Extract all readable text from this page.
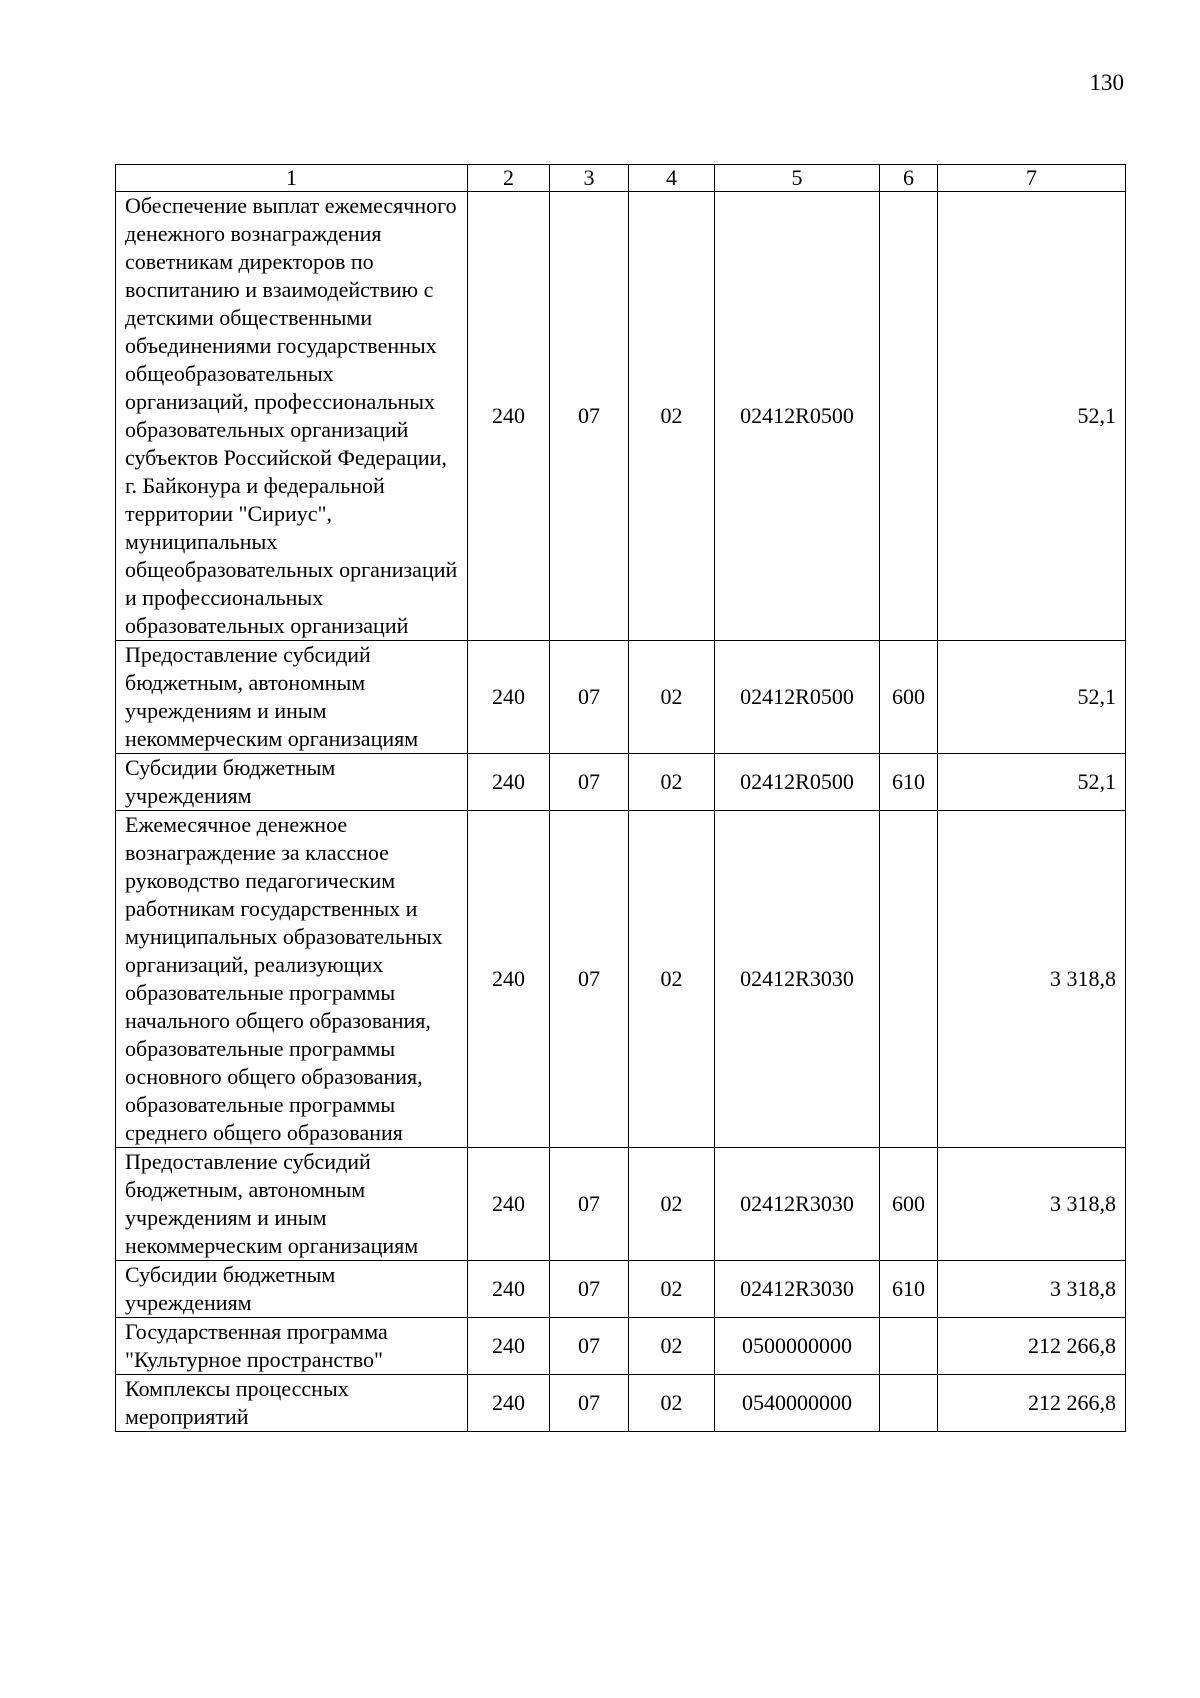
130
1	2	3	4	5	6	7
Обеспечение выплат ежемесячного денежного вознаграждения советникам директоров по воспитанию и взаимодействию с детскими общественными объединениями государственных общеобразовательных организаций, профессиональных образовательных организаций субъектов Российской Федерации, г. Байконура и федеральной территории "Сириус", муниципальных общеобразовательных организаций и профессиональных образовательных организаций	240	07	02	02412R0500		52,1
Предоставление субсидий бюджетным, автономным учреждениям и иным некоммерческим организациям	240	07	02	02412R0500	600	52,1
Субсидии бюджетным учреждениям	240	07	02	02412R0500	610	52,1
Ежемесячное денежное вознаграждение за классное руководство педагогическим работникам государственных и муниципальных образовательных организаций, реализующих образовательные программы начального общего образования, образовательные программы основного общего образования, образовательные программы среднего общего образования	240	07	02	02412R3030		3 318,8
Предоставление субсидий бюджетным, автономным учреждениям и иным некоммерческим организациям	240	07	02	02412R3030	600	3 318,8
Субсидии бюджетным учреждениям	240	07	02	02412R3030	610	3 318,8
Государственная программа "Культурное пространство"	240	07	02	0500000000		212 266,8
Комплексы процессных мероприятий	240	07	02	0540000000		212 266,8
